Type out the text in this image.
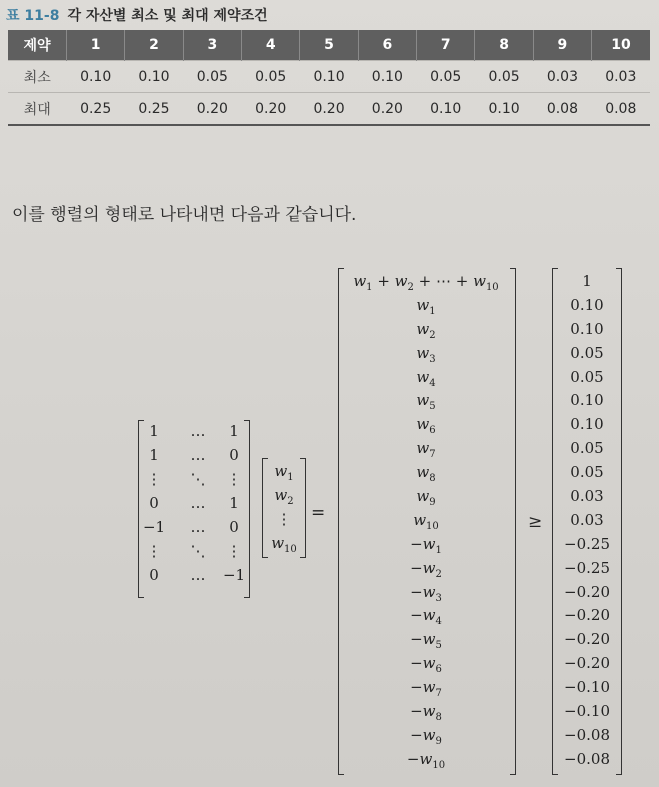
표 11-8 각 자산별 최소 및 최대 제약조건
제약	1	2	3	4	5	6	7	8	9	10
최소	0.10	0.10	0.05	0.05	0.10	0.10	0.05	0.05	0.03	0.03
최대	0.25	0.25	0.20	0.20	0.20	0.20	0.10	0.10	0.08	0.08
이를 행렬의 형태로 나타내면 다음과 같습니다.
1	…	1
1	…	0
⋮	⋱	⋮
0	…	1
−1	…	0
⋮	⋱	⋮
0	…	−1
$w_1$
$w_2$
⋮
$w_{10}$
=
$w_1 + w_2$ + ⋯ + $w_{10}$
$w_1$
$w_2$
$w_3$
$w_4$
$w_5$
$w_6$
$w_7$
$w_8$
$w_9$
$w_{10}$
$-w_1$
$-w_2$
$-w_3$
$-w_4$
$-w_5$
$-w_6$
$-w_7$
$-w_8$
$-w_9$
$-w_{10}$
≥
1
0.10
0.10
0.05
0.05
0.10
0.10
0.05
0.05
0.03
0.03
−0.25
−0.25
−0.20
−0.20
−0.20
−0.20
−0.10
−0.10
−0.08
−0.08
